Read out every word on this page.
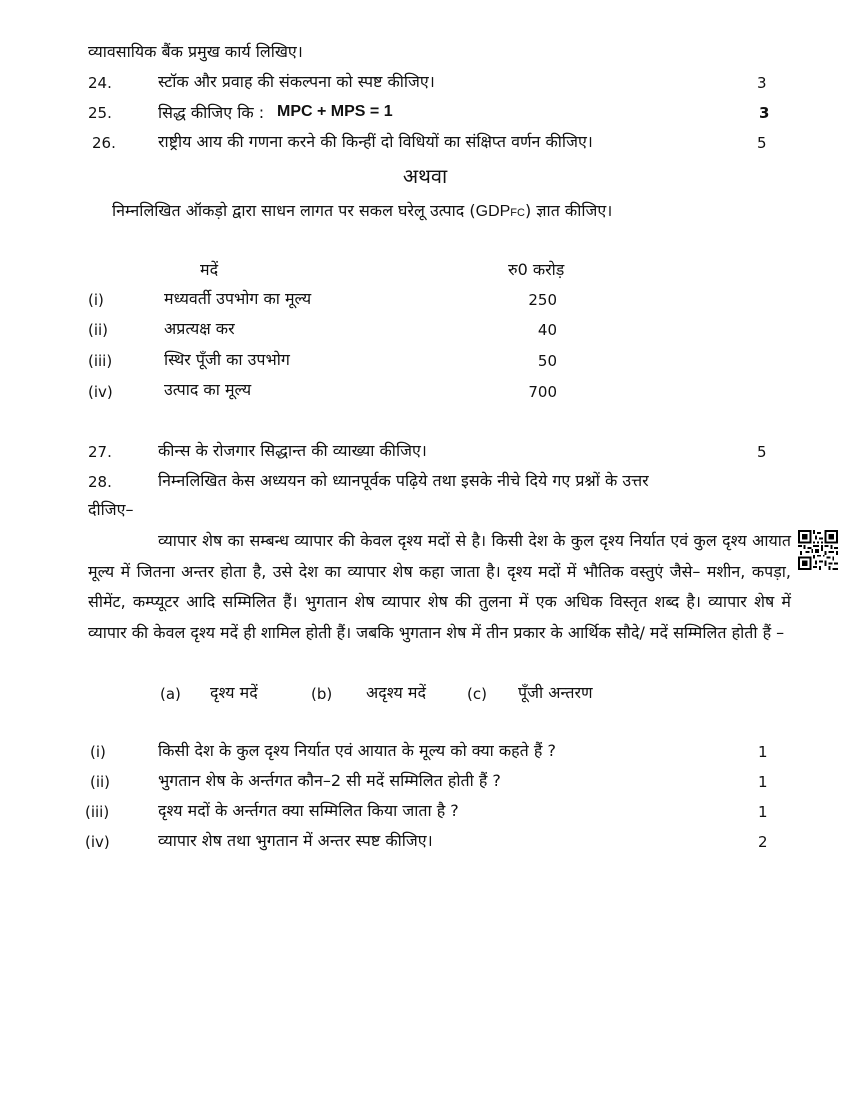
व्यावसायिक बैंक प्रमुख कार्य लिखिए।
24.	स्टॉक और प्रवाह की संकल्पना को स्पष्ट कीजिए।	3
25.	सिद्ध कीजिए कि : MPC + MPS = 1	3
26.	राष्ट्रीय आय की गणना करने की किन्हीं दो विधियों का संक्षिप्त वर्णन कीजिए।	5
अथवा
निम्नलिखित ऑकड़ो द्वारा साधन लागत पर सकल घरेलू उत्पाद (GDPFC) ज्ञात कीजिए।
मदें	रु0 करोड़
(i)	मध्यवर्ती उपभोग का मूल्य	250
(ii)	अप्रत्यक्ष कर	40
(iii)	स्थिर पूँजी का उपभोग	50
(iv)	उत्पाद का मूल्य	700
27.	कीन्स के रोजगार सिद्धान्त की व्याख्या कीजिए।	5
28.	निम्नलिखित केस अध्ययन को ध्यानपूर्वक पढ़िये तथा इसके नीचे दिये गए प्रश्नों के उत्तर
दीजिए–
व्यापार शेष का सम्बन्ध व्यापार की केवल दृश्य मदों से है। किसी देश के कुल दृश्य निर्यात एवं कुल दृश्य आयात मूल्य में जितना अन्तर होता है, उसे देश का व्यापार शेष कहा जाता है। दृश्य मदों में भौतिक वस्तुएं जैसे– मशीन, कपड़ा, सीमेंट, कम्प्यूटर आदि सम्मिलित हैं। भुगतान शेष व्यापार शेष की तुलना में एक अधिक विस्तृत शब्द है। व्यापार शेष में व्यापार की केवल दृश्य मदें ही शामिल होती हैं। जबकि भुगतान शेष में तीन प्रकार के आर्थिक सौदे/ मदें सम्मिलित होती हैं –
(a) दृश्य मदें	(b) अदृश्य मदें	(c) पूँजी अन्तरण
(i)	किसी देश के कुल दृश्य निर्यात एवं आयात के मूल्य को क्या कहते हैं ?	1
(ii)	भुगतान शेष के अर्न्तगत कौन–2 सी मदें सम्मिलित होती हैं ?	1
(iii)	दृश्य मदों के अर्न्तगत क्या सम्मिलित किया जाता है ?	1
(iv)	व्यापार शेष तथा भुगतान में अन्तर स्पष्ट कीजिए।	2
